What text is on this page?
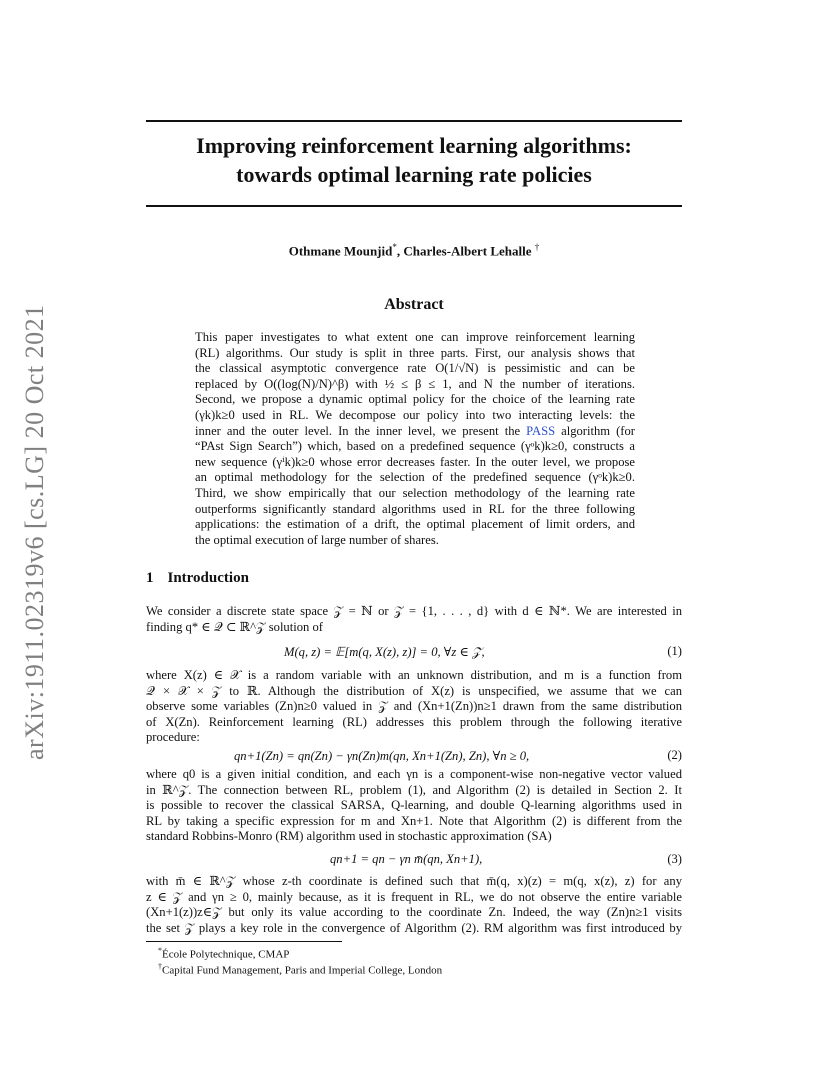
arXiv:1911.02319v6 [cs.LG] 20 Oct 2021
Improving reinforcement learning algorithms:
towards optimal learning rate policies
Othmane Mounjid*, Charles-Albert Lehalle †
Abstract
This paper investigates to what extent one can improve reinforcement learning
(RL) algorithms. Our study is split in three parts. First, our analysis shows that
the classical asymptotic convergence rate O(1/√N) is pessimistic and can be
replaced by O((log(N)/N)^β) with ½ ≤ β ≤ 1, and N the number of iterations.
Second, we propose a dynamic optimal policy for the choice of the learning rate
(γk)k≥0 used in RL. We decompose our policy into two interacting levels: the
inner and the outer level. In the inner level, we present the PASS algorithm (for
“PAst Sign Search”) which, based on a predefined sequence (γᵒk)k≥0, constructs a
new sequence (γⁱk)k≥0 whose error decreases faster. In the outer level, we propose
an optimal methodology for the selection of the predefined sequence (γᵒk)k≥0.
Third, we show empirically that our selection methodology of the learning rate
outperforms significantly standard algorithms used in RL for the three following
applications: the estimation of a drift, the optimal placement of limit orders, and
the optimal execution of large number of shares.
1 Introduction
We consider a discrete state space 𝒵 = ℕ or 𝒵 = {1, . . . , d} with d ∈ ℕ*. We are interested in
finding q* ∈ 𝒬 ⊂ ℝ^𝒵 solution of
M(q, z) = 𝔼[m(q, X(z), z)] = 0, ∀z ∈ 𝒵,	(1)
where X(z) ∈ 𝒳 is a random variable with an unknown distribution, and m is a function from
𝒬 × 𝒳 × 𝒵 to ℝ. Although the distribution of X(z) is unspecified, we assume that we can
observe some variables (Zn)n≥0 valued in 𝒵 and (Xn+1(Zn))n≥1 drawn from the same distribution
of X(Zn). Reinforcement learning (RL) addresses this problem through the following iterative
procedure:
qn+1(Zn) = qn(Zn) − γn(Zn)m(qn, Xn+1(Zn), Zn), ∀n ≥ 0,	(2)
where q0 is a given initial condition, and each γn is a component-wise non-negative vector valued
in ℝ^𝒵. The connection between RL, problem (1), and Algorithm (2) is detailed in Section 2. It
is possible to recover the classical SARSA, Q-learning, and double Q-learning algorithms used in
RL by taking a specific expression for m and Xn+1. Note that Algorithm (2) is different from the
standard Robbins-Monro (RM) algorithm used in stochastic approximation (SA)
qn+1 = qn − γn m̄(qn, Xn+1),	(3)
with m̄ ∈ ℝ^𝒵 whose z-th coordinate is defined such that m̄(q, x)(z) = m(q, x(z), z) for any
z ∈ 𝒵 and γn ≥ 0, mainly because, as it is frequent in RL, we do not observe the entire variable
(Xn+1(z))z∈𝒵 but only its value according to the coordinate Zn. Indeed, the way (Zn)n≥1 visits
the set 𝒵 plays a key role in the convergence of Algorithm (2). RM algorithm was first introduced by
*École Polytechnique, CMAP
†Capital Fund Management, Paris and Imperial College, London
